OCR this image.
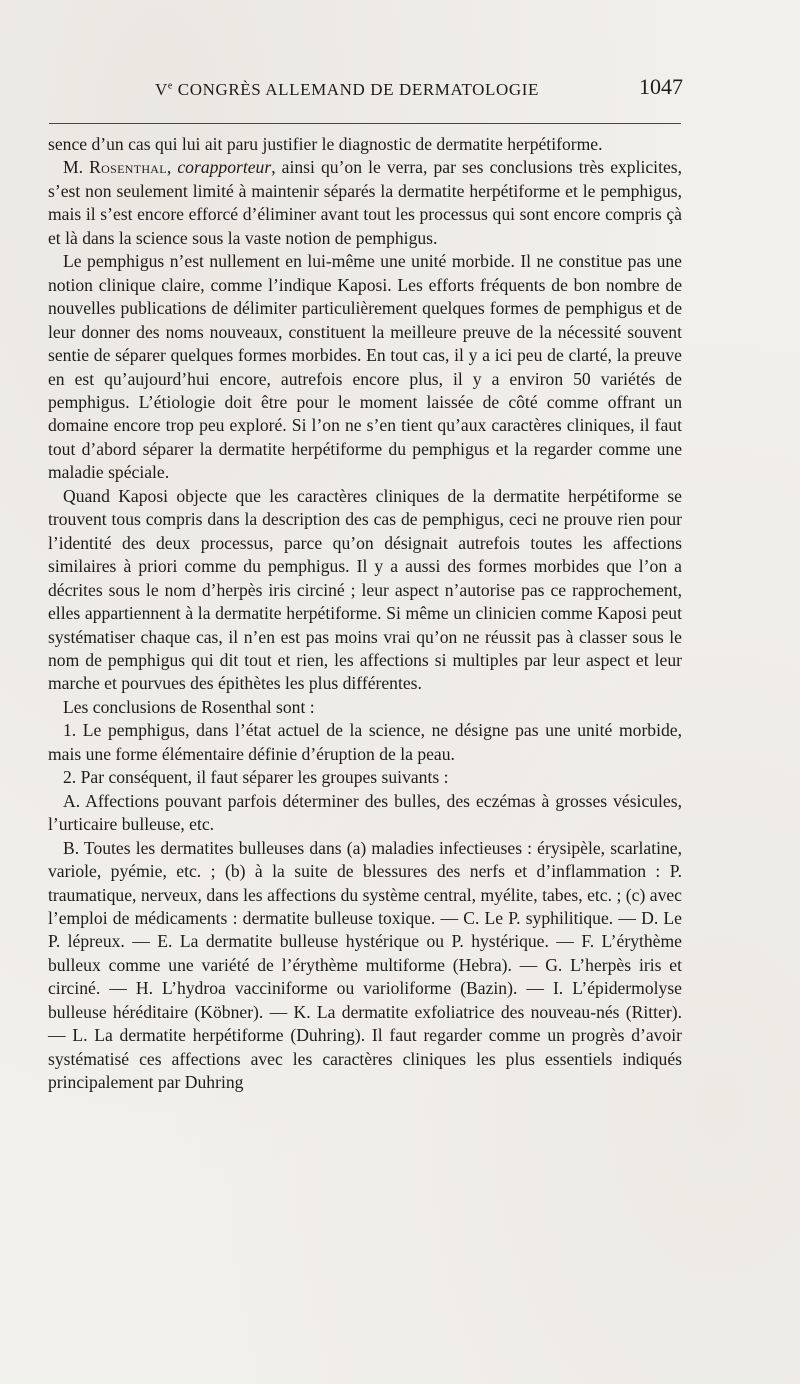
Ve CONGRÈS ALLEMAND DE DERMATOLOGIE	1047

sence d’un cas qui lui ait paru justifier le diagnostic de dermatite herpétiforme.

M. Rosenthal, corapporteur, ainsi qu’on le verra, par ses conclusions très explicites, s’est non seulement limité à maintenir séparés la dermatite herpétiforme et le pemphigus, mais il s’est encore efforcé d’éliminer avant tout les processus qui sont encore compris çà et là dans la science sous la vaste notion de pemphigus.

Le pemphigus n’est nullement en lui-même une unité morbide. Il ne constitue pas une notion clinique claire, comme l’indique Kaposi. Les efforts fréquents de bon nombre de nouvelles publications de délimiter particulièrement quelques formes de pemphigus et de leur donner des noms nouveaux, constituent la meilleure preuve de la nécessité souvent sentie de séparer quelques formes morbides. En tout cas, il y a ici peu de clarté, la preuve en est qu’aujourd’hui encore, autrefois encore plus, il y a environ 50 variétés de pemphigus. L’étiologie doit être pour le moment laissée de côté comme offrant un domaine encore trop peu exploré. Si l’on ne s’en tient qu’aux caractères cliniques, il faut tout d’abord séparer la dermatite herpétiforme du pemphigus et la regarder comme une maladie spéciale.

Quand Kaposi objecte que les caractères cliniques de la dermatite herpétiforme se trouvent tous compris dans la description des cas de pemphigus, ceci ne prouve rien pour l’identité des deux processus, parce qu’on désignait autrefois toutes les affections similaires à priori comme du pemphigus. Il y a aussi des formes morbides que l’on a décrites sous le nom d’herpès iris circiné ; leur aspect n’autorise pas ce rapprochement, elles appartiennent à la dermatite herpétiforme. Si même un clinicien comme Kaposi peut systématiser chaque cas, il n’en est pas moins vrai qu’on ne réussit pas à classer sous le nom de pemphigus qui dit tout et rien, les affections si multiples par leur aspect et leur marche et pourvues des épithètes les plus différentes.

Les conclusions de Rosenthal sont :

1. Le pemphigus, dans l’état actuel de la science, ne désigne pas une unité morbide, mais une forme élémentaire définie d’éruption de la peau.

2. Par conséquent, il faut séparer les groupes suivants :

A. Affections pouvant parfois déterminer des bulles, des eczémas à grosses vésicules, l’urticaire bulleuse, etc.

B. Toutes les dermatites bulleuses dans (a) maladies infectieuses : érysipèle, scarlatine, variole, pyémie, etc. ; (b) à la suite de blessures des nerfs et d’inflammation : P. traumatique, nerveux, dans les affections du système central, myélite, tabes, etc. ; (c) avec l’emploi de médicaments : dermatite bulleuse toxique. — C. Le P. syphilitique. — D. Le P. lépreux. — E. La dermatite bulleuse hystérique ou P. hystérique. — F. L’érythème bulleux comme une variété de l’érythème multiforme (Hebra). — G. L’herpès iris et circiné. — H. L’hydroa vacciniforme ou varioliforme (Bazin). — I. L’épidermolyse bulleuse héréditaire (Köbner). — K. La dermatite exfoliatrice des nouveau-nés (Ritter). — L. La dermatite herpétiforme (Duhring). Il faut regarder comme un progrès d’avoir systématisé ces affections avec les caractères cliniques les plus essentiels indiqués principalement par Duhring
